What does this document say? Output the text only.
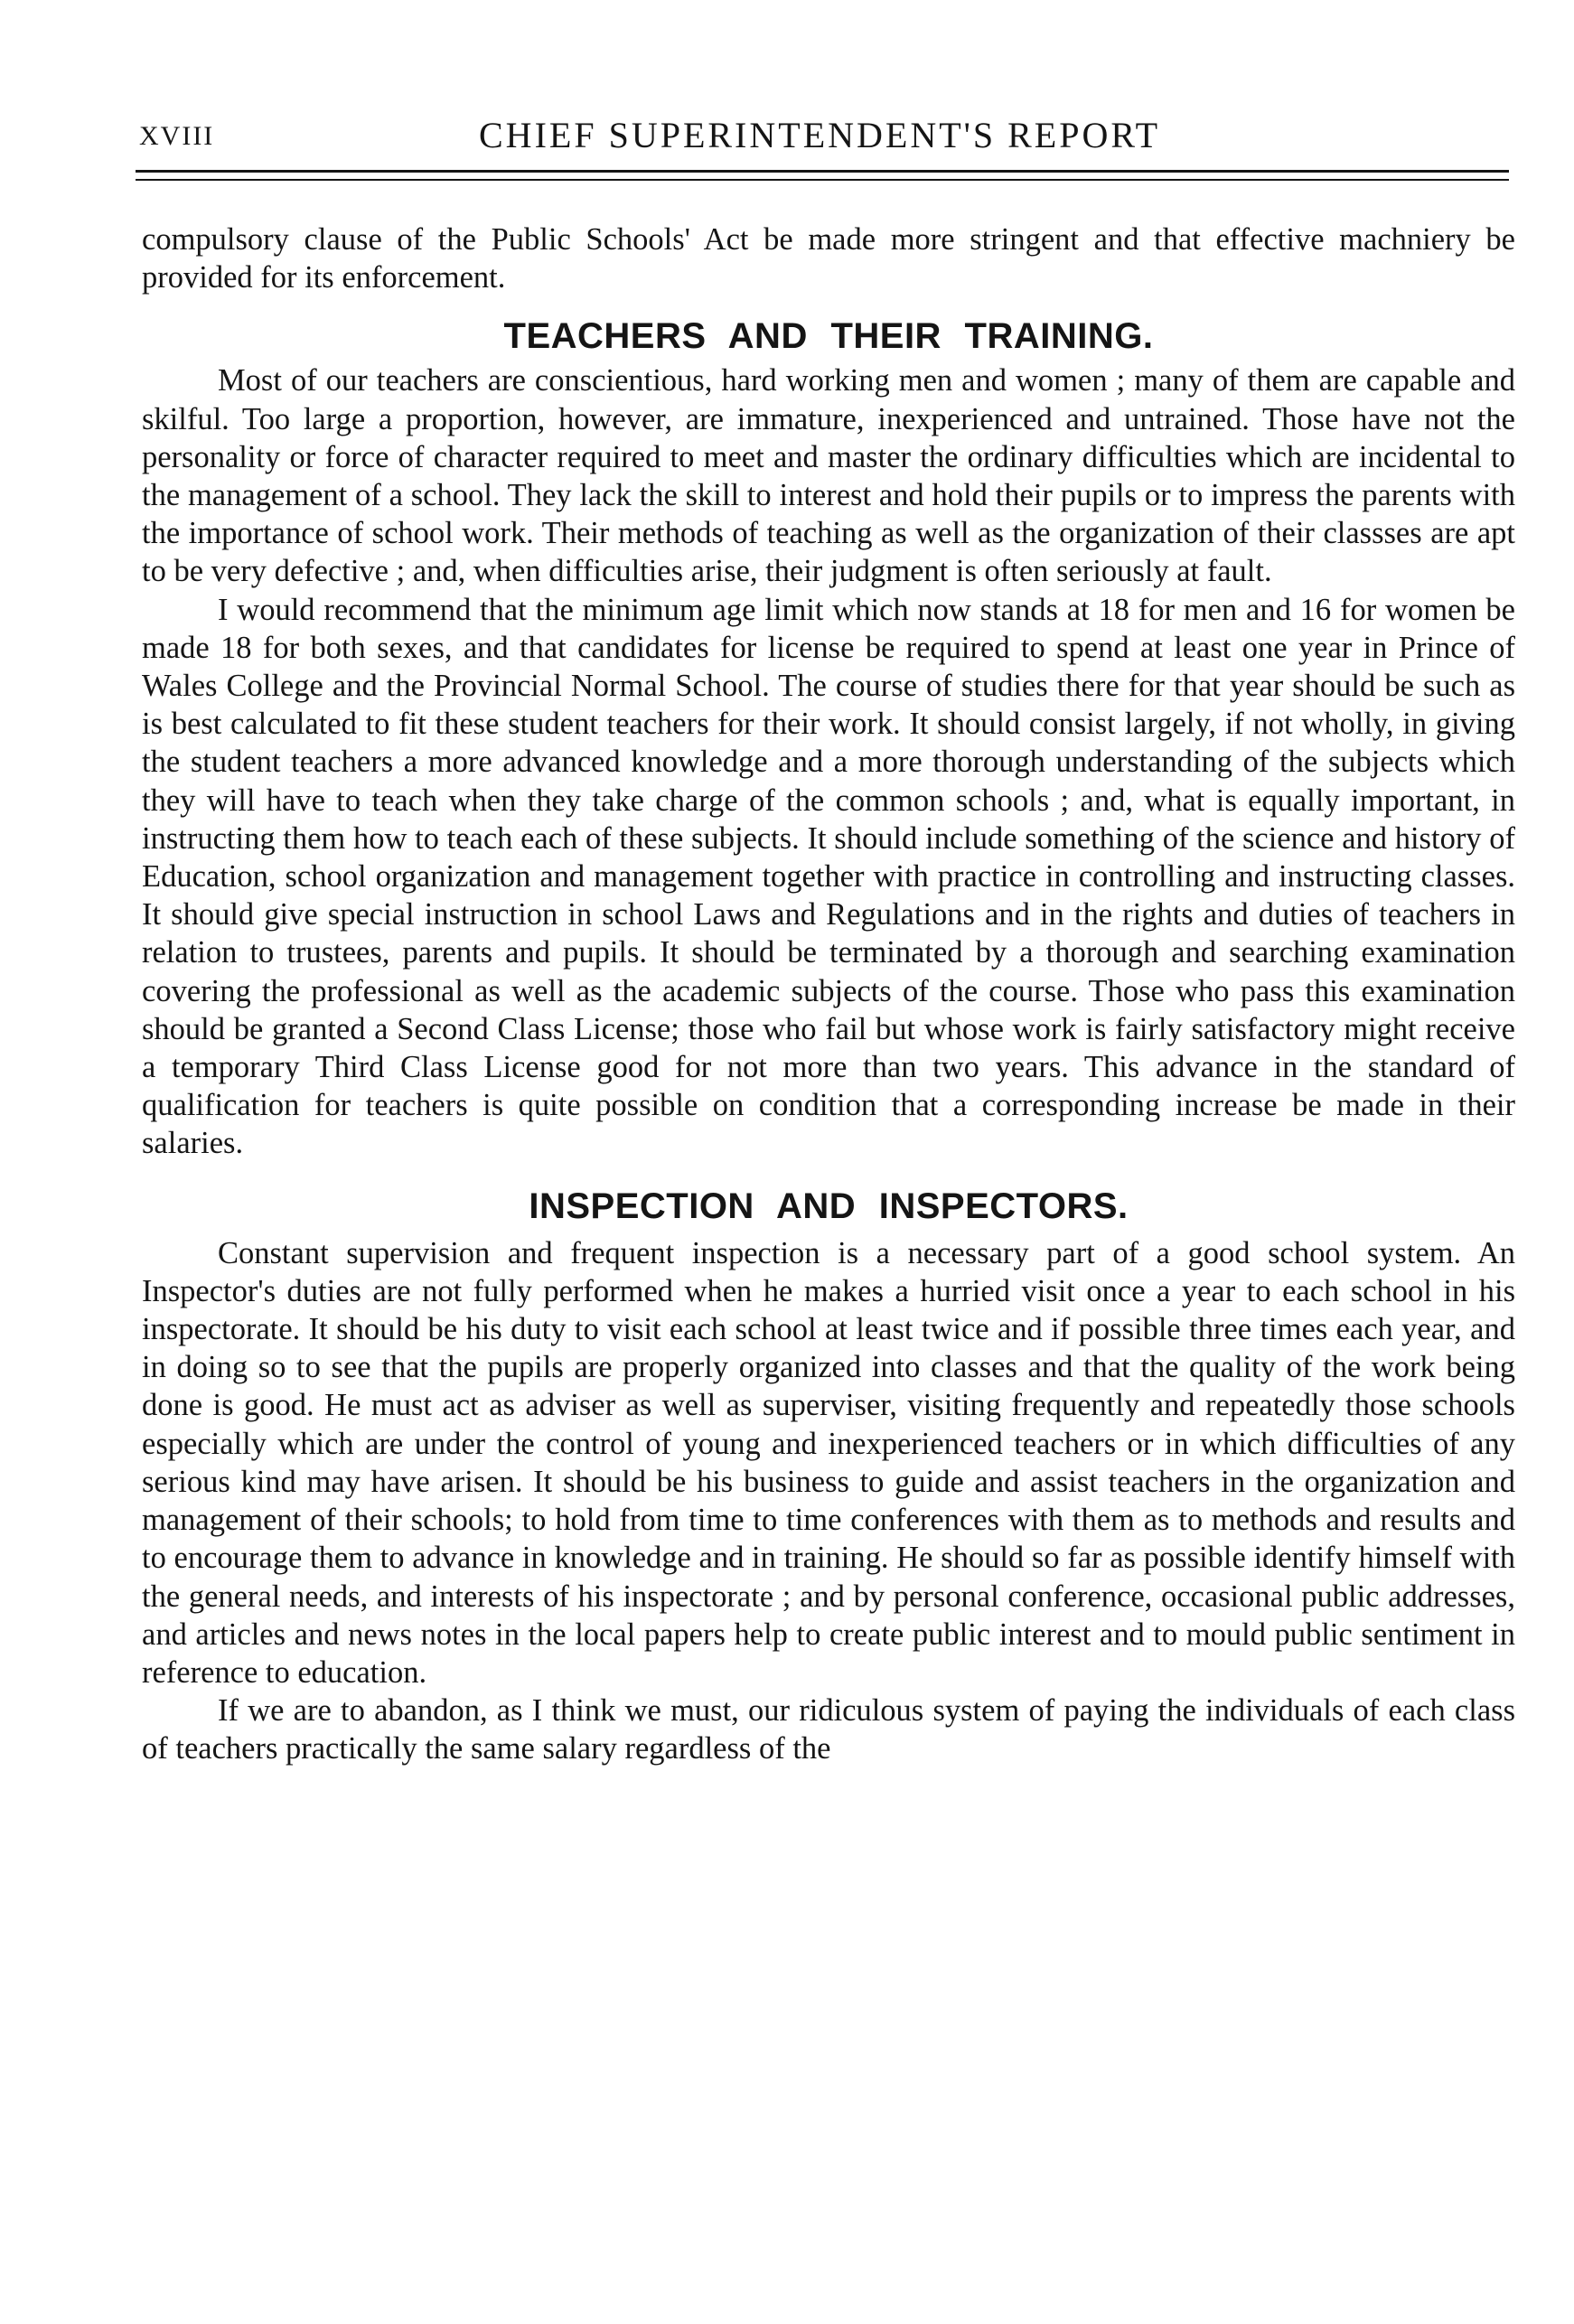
XVIII	CHIEF SUPERINTENDENT'S REPORT

compulsory clause of the Public Schools' Act be made more stringent and that effective machniery be provided for its enforcement.

TEACHERS AND THEIR TRAINING.

Most of our teachers are conscientious, hard working men and women ; many of them are capable and skilful. Too large a proportion, however, are immature, inexperienced and untrained. Those have not the personality or force of character required to meet and master the ordinary difficulties which are incidental to the management of a school. They lack the skill to interest and hold their pupils or to impress the parents with the importance of school work. Their methods of teaching as well as the organization of their classses are apt to be very defective ; and, when difficulties arise, their judgment is often seriously at fault.

I would recommend that the minimum age limit which now stands at 18 for men and 16 for women be made 18 for both sexes, and that candidates for license be required to spend at least one year in Prince of Wales College and the Provincial Normal School. The course of studies there for that year should be such as is best calculated to fit these student teachers for their work. It should consist largely, if not wholly, in giving the student teachers a more advanced knowledge and a more thorough understanding of the subjects which they will have to teach when they take charge of the common schools ; and, what is equally important, in instructing them how to teach each of these subjects. It should include something of the science and history of Education, school organization and management together with practice in controlling and instructing classes. It should give special instruction in school Laws and Regulations and in the rights and duties of teachers in relation to trustees, parents and pupils. It should be terminated by a thorough and searching examination covering the professional as well as the academic subjects of the course. Those who pass this examination should be granted a Second Class License; those who fail but whose work is fairly satisfactory might receive a temporary Third Class License good for not more than two years. This advance in the standard of qualification for teachers is quite possible on condition that a corresponding increase be made in their salaries.

INSPECTION AND INSPECTORS.

Constant supervision and frequent inspection is a necessary part of a good school system. An Inspector's duties are not fully performed when he makes a hurried visit once a year to each school in his inspectorate. It should be his duty to visit each school at least twice and if possible three times each year, and in doing so to see that the pupils are properly organized into classes and that the quality of the work being done is good. He must act as adviser as well as superviser, visiting frequently and repeatedly those schools especially which are under the control of young and inexperienced teachers or in which difficulties of any serious kind may have arisen. It should be his business to guide and assist teachers in the organization and management of their schools; to hold from time to time conferences with them as to methods and results and to encourage them to advance in knowledge and in training. He should so far as possible identify himself with the general needs, and interests of his inspectorate ; and by personal conference, occasional public addresses, and articles and news notes in the local papers help to create public interest and to mould public sentiment in reference to education.

If we are to abandon, as I think we must, our ridiculous system of paying the individuals of each class of teachers practically the same salary regardless of the
